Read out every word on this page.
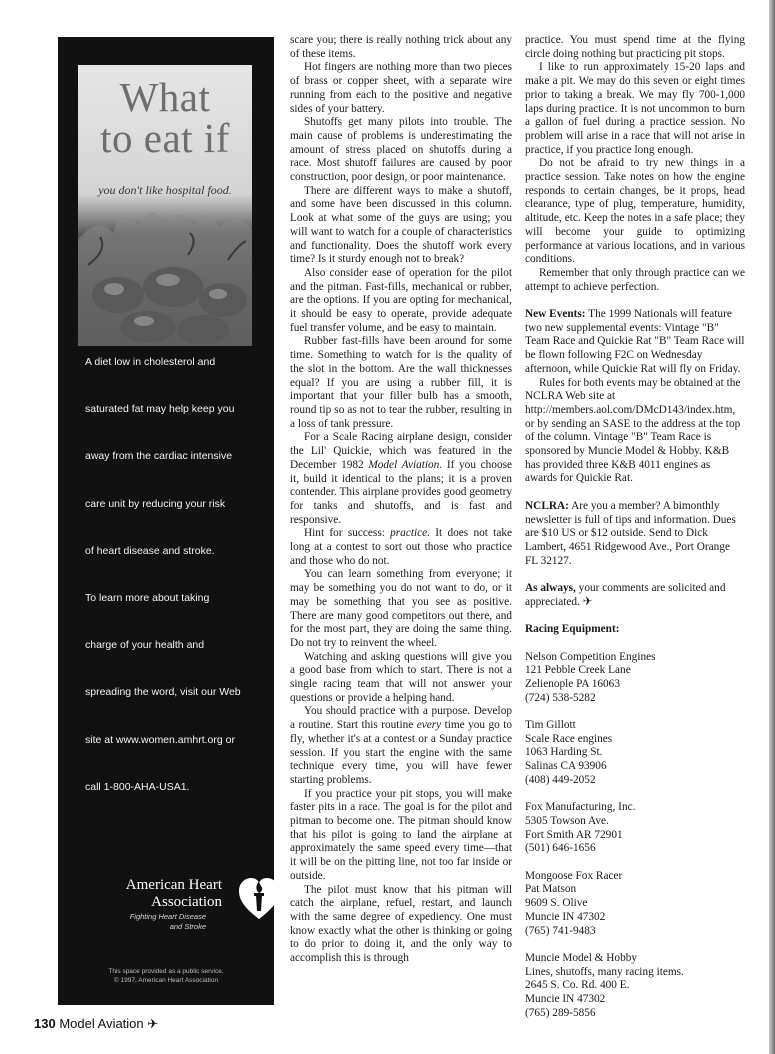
What
to eat if
you don't like hospital food.
A diet low in cholesterol and
saturated fat may help keep you
away from the cardiac intensive
care unit by reducing your risk
of heart disease and stroke.
To learn more about taking
charge of your health and
spreading the word, visit our Web
site at www.women.amhrt.org or
call 1-800-AHA-USA1.
American Heart
Association
Fighting Heart Disease
and Stroke
This space provided as a public service.
© 1997, American Heart Association

scare you; there is really nothing trick about any of these items.

Hot fingers are nothing more than two pieces of brass or copper sheet, with a separate wire running from each to the positive and negative sides of your battery.

Shutoffs get many pilots into trouble. The main cause of problems is underestimating the amount of stress placed on shutoffs during a race. Most shutoff failures are caused by poor construction, poor design, or poor maintenance.

There are different ways to make a shutoff, and some have been discussed in this column. Look at what some of the guys are using; you will want to watch for a couple of characteristics and functionality. Does the shutoff work every time? Is it sturdy enough not to break?

Also consider ease of operation for the pilot and the pitman. Fast-fills, mechanical or rubber, are the options. If you are opting for mechanical, it should be easy to operate, provide adequate fuel transfer volume, and be easy to maintain.

Rubber fast-fills have been around for some time. Something to watch for is the quality of the slot in the bottom. Are the wall thicknesses equal? If you are using a rubber fill, it is important that your filler bulb has a smooth, round tip so as not to tear the rubber, resulting in a loss of tank pressure.

For a Scale Racing airplane design, consider the Lil' Quickie, which was featured in the December 1982 Model Aviation. If you choose it, build it identical to the plans; it is a proven contender. This airplane provides good geometry for tanks and shutoffs, and is fast and responsive.

Hint for success: practice. It does not take long at a contest to sort out those who practice and those who do not.

You can learn something from everyone; it may be something you do not want to do, or it may be something that you see as positive. There are many good competitors out there, and for the most part, they are doing the same thing. Do not try to reinvent the wheel.

Watching and asking questions will give you a good base from which to start. There is not a single racing team that will not answer your questions or provide a helping hand.

You should practice with a purpose. Develop a routine. Start this routine every time you go to fly, whether it's at a contest or a Sunday practice session. If you start the engine with the same technique every time, you will have fewer starting problems.

If you practice your pit stops, you will make faster pits in a race. The goal is for the pilot and pitman to become one. The pitman should know that his pilot is going to land the airplane at approximately the same speed every time—that it will be on the pitting line, not too far inside or outside.

The pilot must know that his pitman will catch the airplane, refuel, restart, and launch with the same degree of expediency. One must know exactly what the other is thinking or going to do prior to doing it, and the only way to accomplish this is through

practice. You must spend time at the flying circle doing nothing but practicing pit stops.

I like to run approximately 15-20 laps and make a pit. We may do this seven or eight times prior to taking a break. We may fly 700-1,000 laps during practice. It is not uncommon to burn a gallon of fuel during a practice session. No problem will arise in a race that will not arise in practice, if you practice long enough.

Do not be afraid to try new things in a practice session. Take notes on how the engine responds to certain changes, be it props, head clearance, type of plug, temperature, humidity, altitude, etc. Keep the notes in a safe place; they will become your guide to optimizing performance at various locations, and in various conditions.

Remember that only through practice can we attempt to achieve perfection.

New Events: The 1999 Nationals will feature two new supplemental events: Vintage "B" Team Race and Quickie Rat "B" Team Race will be flown following F2C on Wednesday afternoon, while Quickie Rat will fly on Friday.

Rules for both events may be obtained at the NCLRA Web site at http://members.aol.com/DMcD143/index.htm, or by sending an SASE to the address at the top of the column. Vintage "B" Team Race is sponsored by Muncie Model & Hobby. K&B has provided three K&B 4011 engines as awards for Quickie Rat.

NCLRA: Are you a member? A bimonthly newsletter is full of tips and information. Dues are $10 US or $12 outside. Send to Dick Lambert, 4651 Ridgewood Ave., Port Orange FL 32127.

As always, your comments are solicited and appreciated. ✈

Racing Equipment:

Nelson Competition Engines
121 Pebble Creek Lane
Zelienople PA 16063
(724) 538-5282
Tim Gillott
Scale Race engines
1063 Harding St.
Salinas CA 93906
(408) 449-2052
Fox Manufacturing, Inc.
5305 Towson Ave.
Fort Smith AR 72901
(501) 646-1656
Mongoose Fox Racer
Pat Matson
9609 S. Olive
Muncie IN 47302
(765) 741-9483
Muncie Model & Hobby
Lines, shutoffs, many racing items.
2645 S. Co. Rd. 400 E.
Muncie IN 47302
(765) 289-5856
130 Model Aviation ✈
